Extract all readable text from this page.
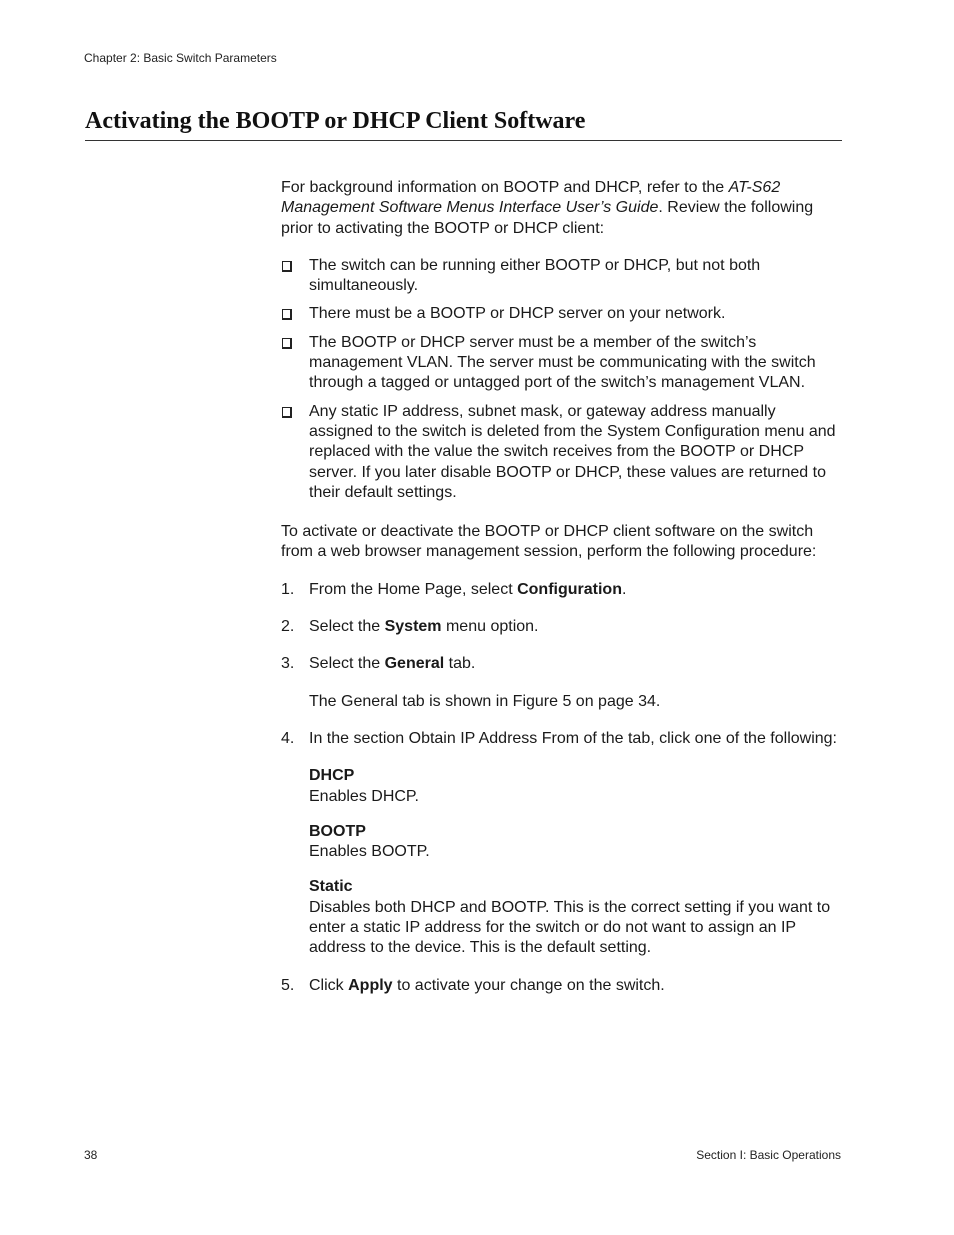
Chapter 2: Basic Switch Parameters
Activating the BOOTP or DHCP Client Software

For background information on BOOTP and DHCP, refer to the AT-S62 Management Software Menus Interface User’s Guide. Review the following prior to activating the BOOTP or DHCP client:

The switch can be running either BOOTP or DHCP, but not both simultaneously.
There must be a BOOTP or DHCP server on your network.
The BOOTP or DHCP server must be a member of the switch’s management VLAN. The server must be communicating with the switch through a tagged or untagged port of the switch’s management VLAN.
Any static IP address, subnet mask, or gateway address manually assigned to the switch is deleted from the System Configuration menu and replaced with the value the switch receives from the BOOTP or DHCP server. If you later disable BOOTP or DHCP, these values are returned to their default settings.

To activate or deactivate the BOOTP or DHCP client software on the switch from a web browser management session, perform the following procedure:

1. From the Home Page, select Configuration.
2. Select the System menu option.
3. Select the General tab.

The General tab is shown in Figure 5 on page 34.

4. In the section Obtain IP Address From of the tab, click one of the following:
DHCP
Enables DHCP.
BOOTP
Enables BOOTP.
Static
Disables both DHCP and BOOTP. This is the correct setting if you want to enter a static IP address for the switch or do not want to assign an IP address to the device. This is the default setting.
5. Click Apply to activate your change on the switch.
38	Section I: Basic Operations
